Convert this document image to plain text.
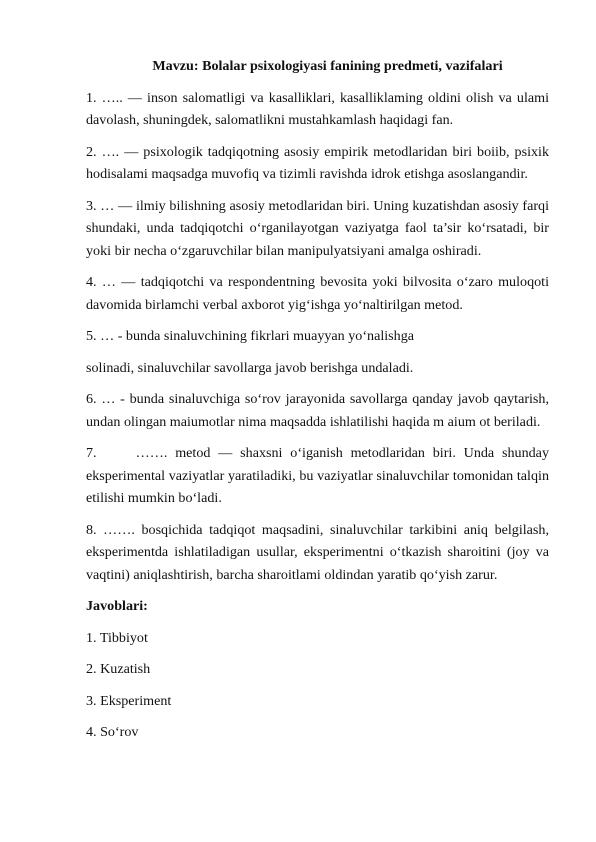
Mavzu: Bolalar psixologiyasi fanining predmeti, vazifalari

1. ….. — inson salomatligi va kasalliklari, kasalliklaming oldini olish va ulami davolash, shuningdek, salomatlikni mustahkamlash haqidagi fan.

2. …. — psixologik tadqiqotning asosiy empirik metodlaridan biri boiib, psixik hodisalami maqsadga muvofiq va tizimli ravishda idrok etishga asoslangandir.

3. … — ilmiy bilishning asosiy metodlaridan biri. Uning kuzatishdan asosiy farqi shundaki, unda tadqiqotchi o‘rganilayotgan vaziyatga faol ta’sir ko‘rsatadi, bir yoki bir necha o‘zgaruvchilar bilan manipulyatsiyani amalga oshiradi.

4. … — tadqiqotchi va respondentning bevosita yoki bilvosita o‘zaro muloqoti davomida birlamchi verbal axborot yig‘ishga yo‘naltirilgan metod.

5. … - bunda sinaluvchining fikrlari muayyan yo‘nalishga

solinadi, sinaluvchilar savollarga javob berishga undaladi.

6. … - bunda sinaluvchiga so‘rov jarayonida savollarga qanday javob qaytarish, undan olingan maiumotlar nima maqsadda ishlatilishi haqida m aium ot beriladi.

7.     ……. metod — shaxsni o‘iganish metodlaridan biri. Unda shunday eksperimental vaziyatlar yaratiladiki, bu vaziyatlar sinaluvchilar tomonidan talqin etilishi mumkin bo‘ladi.

8. ……. bosqichida tadqiqot maqsadini, sinaluvchilar tarkibini aniq belgilash, eksperimentda ishlatiladigan usullar, eksperimentni o‘tkazish sharoitini (joy va vaqtini) aniqlashtirish, barcha sharoitlami oldindan yaratib qo‘yish zarur.

Javoblari:

1. Tibbiyot

2. Kuzatish

3. Eksperiment

4. So‘rov
